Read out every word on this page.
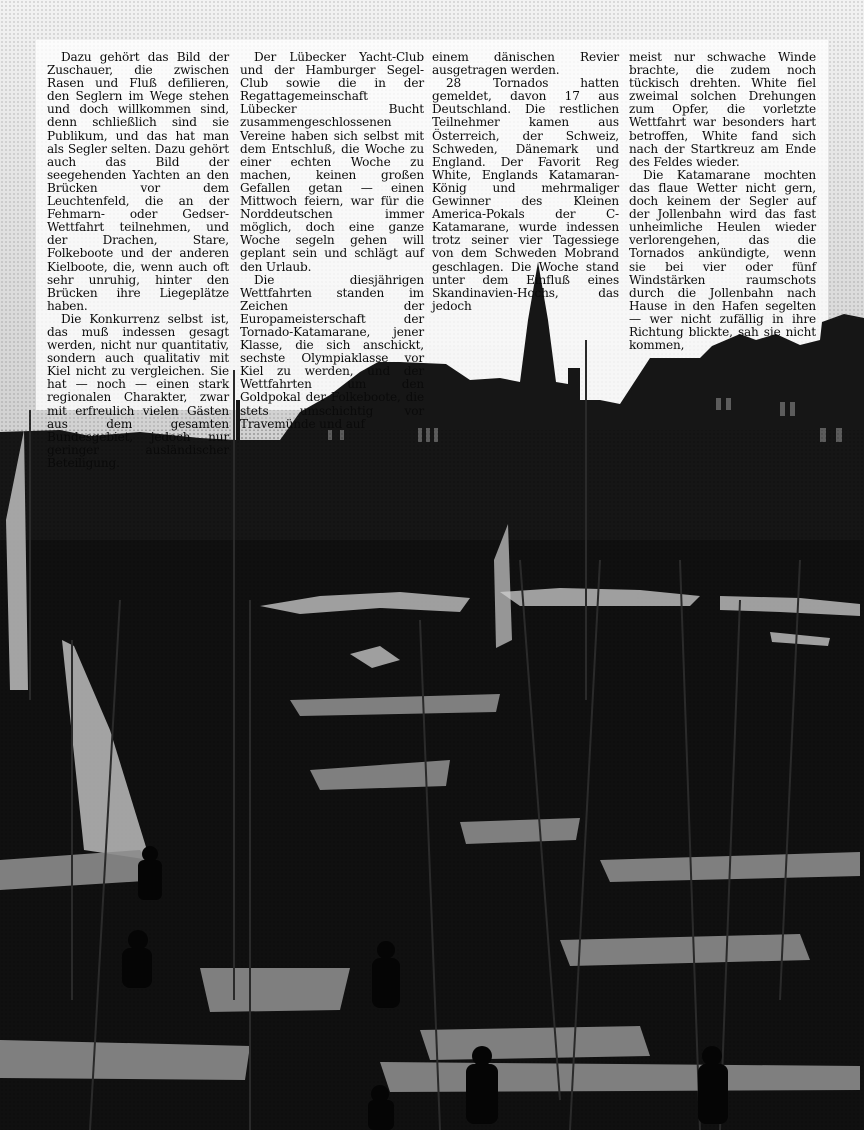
Dazu gehört das Bild der Zuschauer, die zwischen Rasen und Fluß defilieren, den Seglern im Wege stehen und doch willkommen sind, denn schließlich sind sie Publikum, und das hat man als Segler selten. Dazu gehört auch das Bild der seegehenden Yachten an den Brücken vor dem Leuchtenfeld, die an der Fehmarn- oder Gedser-Wettfahrt teilnehmen, und der Drachen, Stare, Folkeboote und der anderen Kielboote, die, wenn auch oft sehr unruhig, hinter den Brücken ihre Liegeplätze haben.

Die Konkurrenz selbst ist, das muß indessen gesagt werden, nicht nur quantitativ, sondern auch qualitativ mit Kiel nicht zu vergleichen. Sie hat — noch — einen stark regionalen Charakter, zwar mit erfreulich vielen Gästen aus dem gesamten Bundesgebiet, jedoch nur geringer ausländischer Beteiligung.

Der Lübecker Yacht-Club und der Hamburger Segel-Club sowie die in der Regattagemeinschaft Lübecker Bucht zusammengeschlossenen Vereine haben sich selbst mit dem Entschluß, die Woche zu einer echten Woche zu machen, keinen großen Gefallen getan — einen Mittwoch feiern, war für die Norddeutschen immer möglich, doch eine ganze Woche segeln gehen will geplant sein und schlägt auf den Urlaub.

Die diesjährigen Wettfahrten standen im Zeichen der Europameisterschaft der Tornado-Katamarane, jener Klasse, die sich anschickt, sechste Olympiaklasse vor Kiel zu werden, und der Wettfahrten um den Goldpokal der Folkeboote, die stets umschichtig vor Travemünde und auf

einem dänischen Revier ausgetragen werden.

28 Tornados hatten gemeldet, davon 17 aus Deutschland. Die restlichen Teilnehmer kamen aus Österreich, der Schweiz, Schweden, Dänemark und England. Der Favorit Reg White, Englands Katamaran-König und mehrmaliger Gewinner des Kleinen America-Pokals der C-Katamarane, wurde indessen trotz seiner vier Tagessiege von dem Schweden Mobrand geschlagen. Die Woche stand unter dem Einfluß eines Skandinavien-Hochs, das jedoch

meist nur schwache Winde brachte, die zudem noch tückisch drehten. White fiel zweimal solchen Drehungen zum Opfer, die vorletzte Wettfahrt war besonders hart betroffen, White fand sich nach der Startkreuz am Ende des Feldes wieder.

Die Katamarane mochten das flaue Wetter nicht gern, doch keinem der Segler auf der Jollenbahn wird das fast unheimliche Heulen wieder verlorengehen, das die Tornados ankündigte, wenn sie bei vier oder fünf Windstärken raumschots durch die Jollenbahn nach Hause in den Hafen segelten — wer nicht zufällig in ihre Richtung blickte, sah sie nicht kommen,
